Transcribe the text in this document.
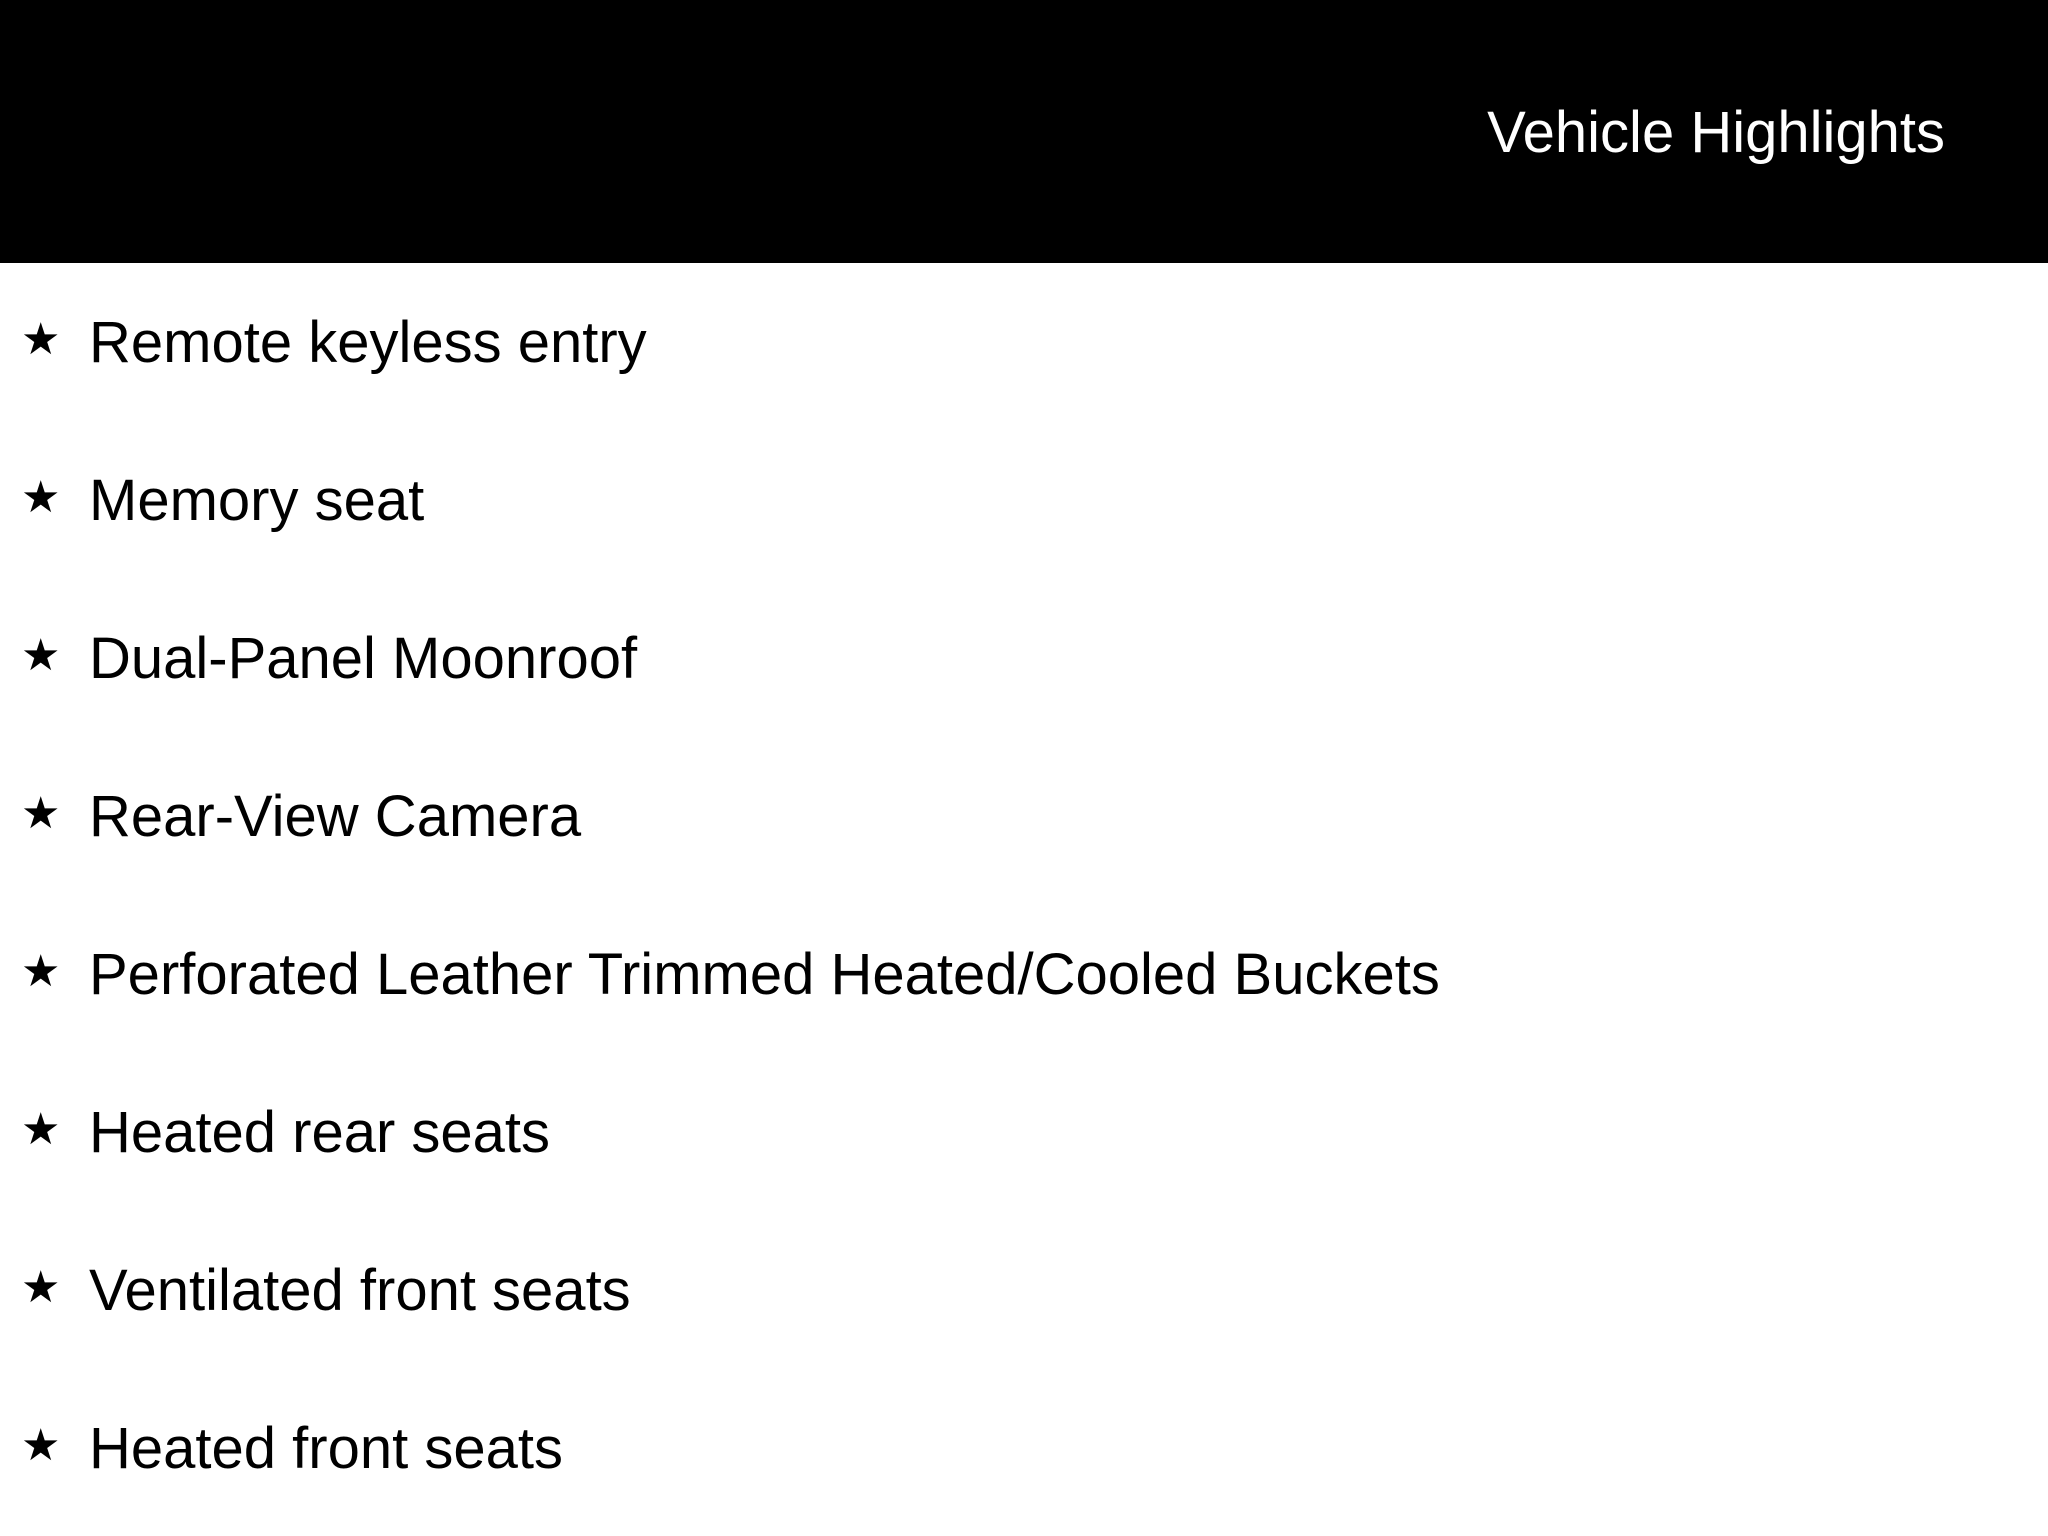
Vehicle Highlights
★ Remote keyless entry
★ Memory seat
★ Dual-Panel Moonroof
★ Rear-View Camera
★ Perforated Leather Trimmed Heated/Cooled Buckets
★ Heated rear seats
★ Ventilated front seats
★ Heated front seats
